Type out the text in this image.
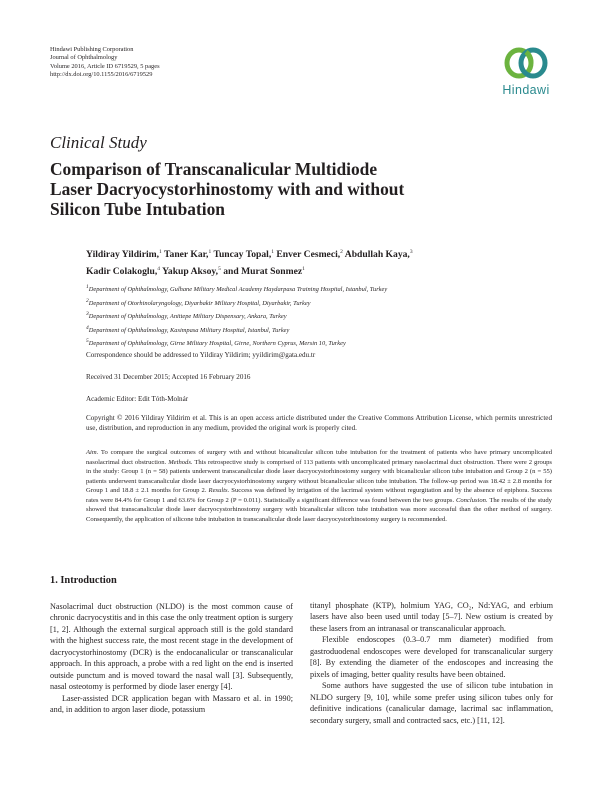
Hindawi Publishing Corporation
Journal of Ophthalmology
Volume 2016, Article ID 6719529, 5 pages
http://dx.doi.org/10.1155/2016/6719529
Hindawi
Clinical Study
Comparison of Transcanalicular Multidiode
Laser Dacryocystorhinostomy with and without
Silicon Tube Intubation
Yildiray Yildirim,$^1$ Taner Kar,$^1$ Tuncay Topal,$^1$ Enver Cesmeci,$^2$ Abdullah Kaya,$^3$
Kadir Colakoglu,$^4$ Yakup Aksoy,$^5$ and Murat Sonmez$^1$
$^1$Department of Ophthalmology, Gulhane Military Medical Academy Haydarpasa Training Hospital, Istanbul, Turkey
$^2$Department of Otorhinolaryngology, Diyarbakir Military Hospital, Diyarbakir, Turkey
$^3$Department of Ophthalmology, Anittepe Military Dispensary, Ankara, Turkey
$^4$Department of Ophthalmology, Kasimpasa Military Hospital, Istanbul, Turkey
$^5$Department of Ophthalmology, Girne Military Hospital, Girne, Northern Cyprus, Mersin 10, Turkey
Correspondence should be addressed to Yildiray Yildirim; yyildirim@gata.edu.tr
Received 31 December 2015; Accepted 16 February 2016
Academic Editor: Edit Tóth-Molnár
Copyright © 2016 Yildiray Yildirim et al. This is an open access article distributed under the Creative Commons Attribution License, which permits unrestricted use, distribution, and reproduction in any medium, provided the original work is properly cited.
Aim. To compare the surgical outcomes of surgery with and without bicanalicular silicon tube intubation for the treatment of patients who have primary uncomplicated nasolacrimal duct obstruction. Methods. This retrospective study is comprised of 113 patients with uncomplicated primary nasolacrimal duct obstruction. There were 2 groups in the study: Group 1 (n = 58) patients underwent transcanalicular diode laser dacryocystorhinostomy surgery with bicanalicular silicon tube intubation and Group 2 (n = 55) patients underwent transcanalicular diode laser dacryocystorhinostomy surgery without bicanalicular silicon tube intubation. The follow-up period was 18.42 ± 2.8 months for Group 1 and 18.8 ± 2.1 months for Group 2. Results. Success was defined by irrigation of the lacrimal system without regurgitation and by the absence of epiphora. Success rates were 84.4% for Group 1 and 63.6% for Group 2 (P = 0.011). Statistically a significant difference was found between the two groups. Conclusion. The results of the study showed that transcanalicular diode laser dacryocystorhinostomy surgery with bicanalicular silicon tube intubation was more successful than the other method of surgery. Consequently, the application of silicone tube intubation in transcanalicular diode laser dacryocystorhinostomy surgery is recommended.
1. Introduction

Nasolacrimal duct obstruction (NLDO) is the most common cause of chronic dacryocystitis and in this case the only treatment option is surgery [1, 2]. Although the external surgical approach still is the gold standard with the highest success rate, the most recent stage in the development of dacryocystorhinostomy (DCR) is the endocanalicular or transcanalicular approach. In this approach, a probe with a red light on the end is inserted outside punctum and is moved toward the nasal wall [3]. Subsequently, nasal osteotomy is performed by diode laser energy [4].

Laser-assisted DCR application began with Massaro et al. in 1990; and, in addition to argon laser diode, potassium

titanyl phosphate (KTP), holmium YAG, CO₂, Nd:YAG, and erbium lasers have also been used until today [5–7]. New ostium is created by these lasers from an intranasal or transcanalicular approach.

Flexible endoscopes (0.3–0.7 mm diameter) modified from gastroduodenal endoscopes were developed for transcanalicular surgery [8]. By extending the diameter of the endoscopes and increasing the pixels of imaging, better quality results have been obtained.

Some authors have suggested the use of silicon tube intubation in NLDO surgery [9, 10], while some prefer using silicon tubes only for definitive indications (canalicular damage, lacrimal sac inflammation, secondary surgery, small and contracted sacs, etc.) [11, 12].
